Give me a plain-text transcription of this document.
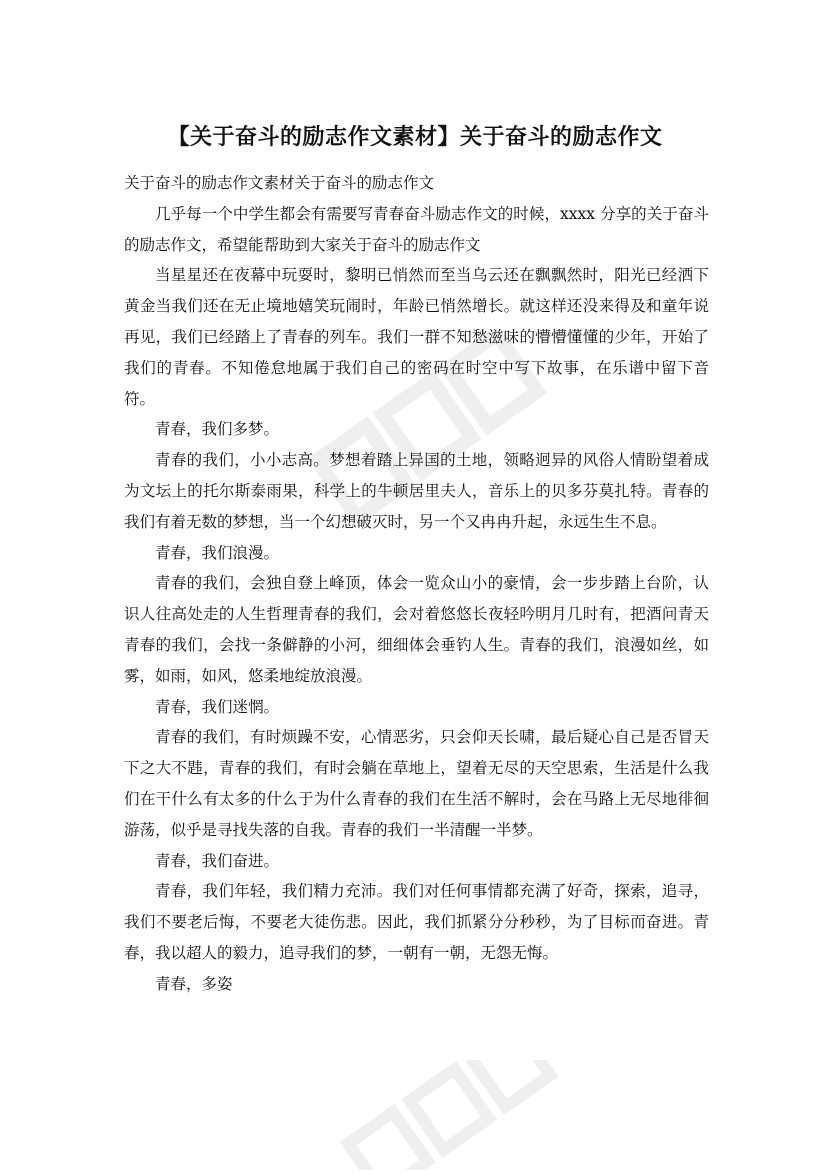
【关于奋斗的励志作文素材】关于奋斗的励志作文

关于奋斗的励志作文素材关于奋斗的励志作文

几乎每一个中学生都会有需要写青春奋斗励志作文的时候，xxxx 分享的关于奋斗的励志作文，希望能帮助到大家关于奋斗的励志作文

当星星还在夜幕中玩耍时，黎明已悄然而至当乌云还在飘飘然时，阳光已经洒下黄金当我们还在无止境地嬉笑玩闹时，年龄已悄然增长。就这样还没来得及和童年说再见，我们已经踏上了青春的列车。我们一群不知愁滋味的懵懵懂懂的少年，开始了我们的青春。不知倦怠地属于我们自己的密码在时空中写下故事，在乐谱中留下音符。

青春，我们多梦。

青春的我们，小小志高。梦想着踏上异国的土地，领略迥异的风俗人情盼望着成为文坛上的托尔斯泰雨果，科学上的牛顿居里夫人，音乐上的贝多芬莫扎特。青春的我们有着无数的梦想，当一个幻想破灭时，另一个又冉冉升起，永远生生不息。

青春，我们浪漫。

青春的我们，会独自登上峰顶，体会一览众山小的豪情，会一步步踏上台阶，认识人往高处走的人生哲理青春的我们，会对着悠悠长夜轻吟明月几时有，把酒问青天青春的我们，会找一条僻静的小河，细细体会垂钓人生。青春的我们，浪漫如丝，如雾，如雨，如风，悠柔地绽放浪漫。

青春，我们迷惘。

青春的我们，有时烦躁不安，心情恶劣，只会仰天长啸，最后疑心自己是否冒天下之大不韪，青春的我们，有时会躺在草地上，望着无尽的天空思索，生活是什么我们在干什么有太多的什么于为什么青春的我们在生活不解时，会在马路上无尽地徘徊游荡，似乎是寻找失落的自我。青春的我们一半清醒一半梦。

青春，我们奋进。

青春，我们年轻，我们精力充沛。我们对任何事情都充满了好奇，探索，追寻，我们不要老后悔，不要老大徒伤悲。因此，我们抓紧分分秒秒，为了目标而奋进。青春，我以超人的毅力，追寻我们的梦，一朝有一朝，无怨无悔。

青春，多姿
